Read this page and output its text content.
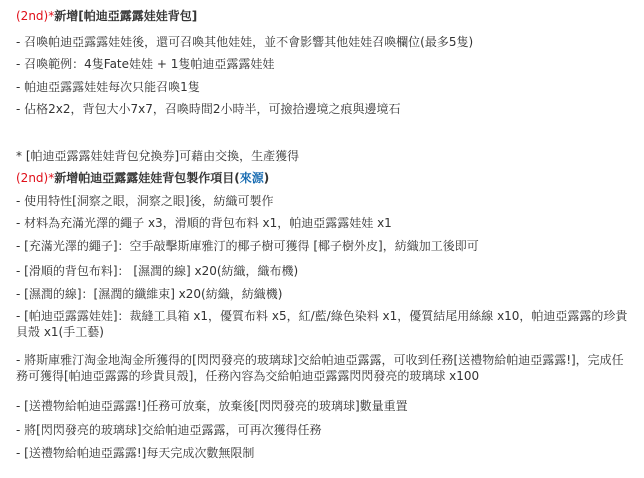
(2nd)*新增[帕迪亞露露娃娃背包]
- 召喚帕迪亞露露娃娃後，還可召喚其他娃娃，並不會影響其他娃娃召喚欄位(最多5隻)
- 召喚範例：4隻Fate娃娃 + 1隻帕迪亞露露娃娃
- 帕迪亞露露娃娃每次只能召喚1隻
- 佔格2x2，背包大小7x7，召喚時間2小時半，可撿拾邊境之痕與邊境石
* [帕迪亞露露娃娃背包兌換券]可藉由交換，生產獲得
(2nd)*新增帕迪亞露露娃娃背包製作項目(來源)
- 使用特性[洞察之眼，洞察之眼]後，紡織可製作
- 材料為充滿光澤的繩子 x3，滑順的背包布料 x1，帕迪亞露露娃娃 x1
- [充滿光澤的繩子]：空手敲擊斯庫雅汀的椰子樹可獲得 [椰子樹外皮]，紡織加工後即可
- [滑順的背包布料]： [濕潤的線] x20(紡織，織布機)
- [濕潤的線]：[濕潤的纖維束] x20(紡織，紡織機)
- [帕迪亞露露娃娃]：裁縫工具箱 x1，優質布料 x5，紅/藍/綠色染料 x1，優質結尾用絲線 x10，帕迪亞露露的珍貴貝殼 x1(手工藝)
- 將斯庫雅汀淘金地淘金所獲得的[閃閃發亮的玻璃球]交給帕迪亞露露，可收到任務[送禮物給帕迪亞露露!]，完成任務可獲得[帕迪亞露露的珍貴貝殼]，任務內容為交給帕迪亞露露閃閃發亮的玻璃球 x100
- [送禮物給帕迪亞露露!]任務可放棄，放棄後[閃閃發亮的玻璃球]數量重置
- 將[閃閃發亮的玻璃球]交給帕迪亞露露，可再次獲得任務
- [送禮物給帕迪亞露露!]每天完成次數無限制
